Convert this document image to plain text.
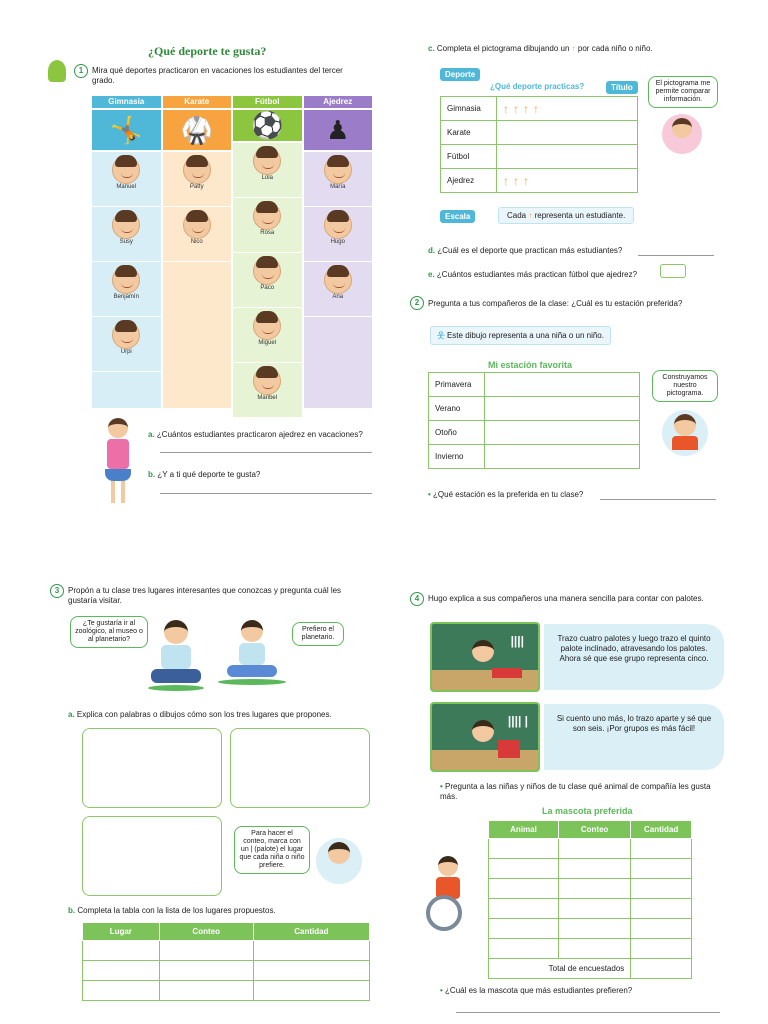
¿Qué deporte te gusta?
1	Mira qué deportes practicaron en vacaciones los estudiantes del tercer grado.
Gimnasia
🤸
Manuel
Susy
Benjamín
Urpi
Karate
🥋
Patty
Nico
Fútbol
⚽
Lola
Rosa
Paco
Miguel
Maribel
Ajedrez
♟
María
Hugo
Ana
a. ¿Cuántos estudiantes practicaron ajedrez en vacaciones?
b. ¿Y a ti qué deporte te gusta?
c. Completa el pictograma dibujando un ↑ por cada niño o niño.
Deporte
¿Qué deporte practicas?	Título	El pictograma me permite comparar información.
Gimnasia	↑ ↑ ↑ ↑
Karate	
Fútbol	
Ajedrez	↑ ↑ ↑
Escala	Cada ↑ representa un estudiante.
d. ¿Cuál es el deporte que practican más estudiantes?
e. ¿Cuántos estudiantes más practican fútbol que ajedrez?
2	Pregunta a tus compañeros de la clase: ¿Cuál es tu estación preferida?
웃 Este dibujo representa a una niña o un niño.
Mi estación favorita
Primavera	
Verano	
Otoño	
Invierno	
Construyamos nuestro pictograma.
• ¿Qué estación es la preferida en tu clase?
3	Propón a tu clase tres lugares interesantes que conozcas y pregunta cuál les gustaría visitar.
¿Te gustaría ir al zoológico, al museo o al planetario?
Prefiero el planetario.
a. Explica con palabras o dibujos cómo son los tres lugares que propones.
Para hacer el conteo, marca con un | (palote) el lugar que cada niña o niño prefiere.
b. Completa la tabla con la lista de los lugares propuestos.
Lugar	Conteo	Cantidad

4	Hugo explica a sus compañeros una manera sencilla para contar con palotes.
||||	Trazo cuatro palotes y luego trazo el quinto palote inclinado, atravesando los palotes. Ahora sé que ese grupo representa cinco.
|||| |	Si cuento uno más, lo trazo aparte y sé que son seis. ¡Por grupos es más fácil!
• Pregunta a las niñas y niños de tu clase qué animal de compañía les gusta más.
La mascota preferida
Animal	Conteo	Cantidad

Total de encuestados		
• ¿Cuál es la mascota que más estudiantes prefieren?
